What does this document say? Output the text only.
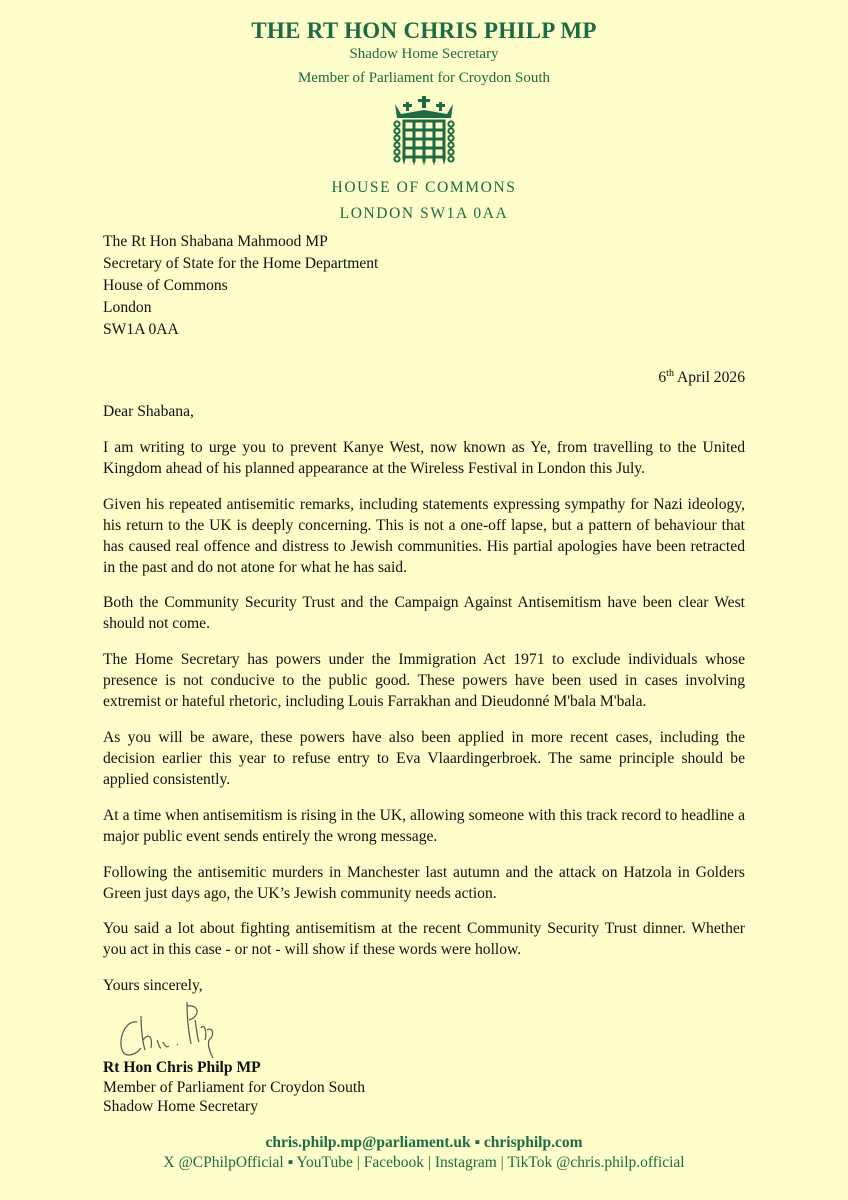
THE RT HON CHRIS PHILP MP
Shadow Home Secretary
Member of Parliament for Croydon South
HOUSE OF COMMONS
LONDON SW1A 0AA
The Rt Hon Shabana Mahmood MP
Secretary of State for the Home Department
House of Commons
London
SW1A 0AA
6th April 2026

Dear Shabana,

I am writing to urge you to prevent Kanye West, now known as Ye, from travelling to the United Kingdom ahead of his planned appearance at the Wireless Festival in London this July.

Given his repeated antisemitic remarks, including statements expressing sympathy for Nazi ideology, his return to the UK is deeply concerning. This is not a one-off lapse, but a pattern of behaviour that has caused real offence and distress to Jewish communities. His partial apologies have been retracted in the past and do not atone for what he has said.

Both the Community Security Trust and the Campaign Against Antisemitism have been clear West should not come.

The Home Secretary has powers under the Immigration Act 1971 to exclude individuals whose presence is not conducive to the public good. These powers have been used in cases involving extremist or hateful rhetoric, including Louis Farrakhan and Dieudonné M'bala M'bala.

As you will be aware, these powers have also been applied in more recent cases, including the decision earlier this year to refuse entry to Eva Vlaardingerbroek. The same principle should be applied consistently.

At a time when antisemitism is rising in the UK, allowing someone with this track record to headline a major public event sends entirely the wrong message.

Following the antisemitic murders in Manchester last autumn and the attack on Hatzola in Golders Green just days ago, the UK’s Jewish community needs action.

You said a lot about fighting antisemitism at the recent Community Security Trust dinner. Whether you act in this case - or not - will show if these words were hollow.

Yours sincerely,

Rt Hon Chris Philp MP
Member of Parliament for Croydon South
Shadow Home Secretary
chris.philp.mp@parliament.uk ▪ chrisphilp.com
X @CPhilpOfficial ▪ YouTube | Facebook | Instagram | TikTok @chris.philp.official
